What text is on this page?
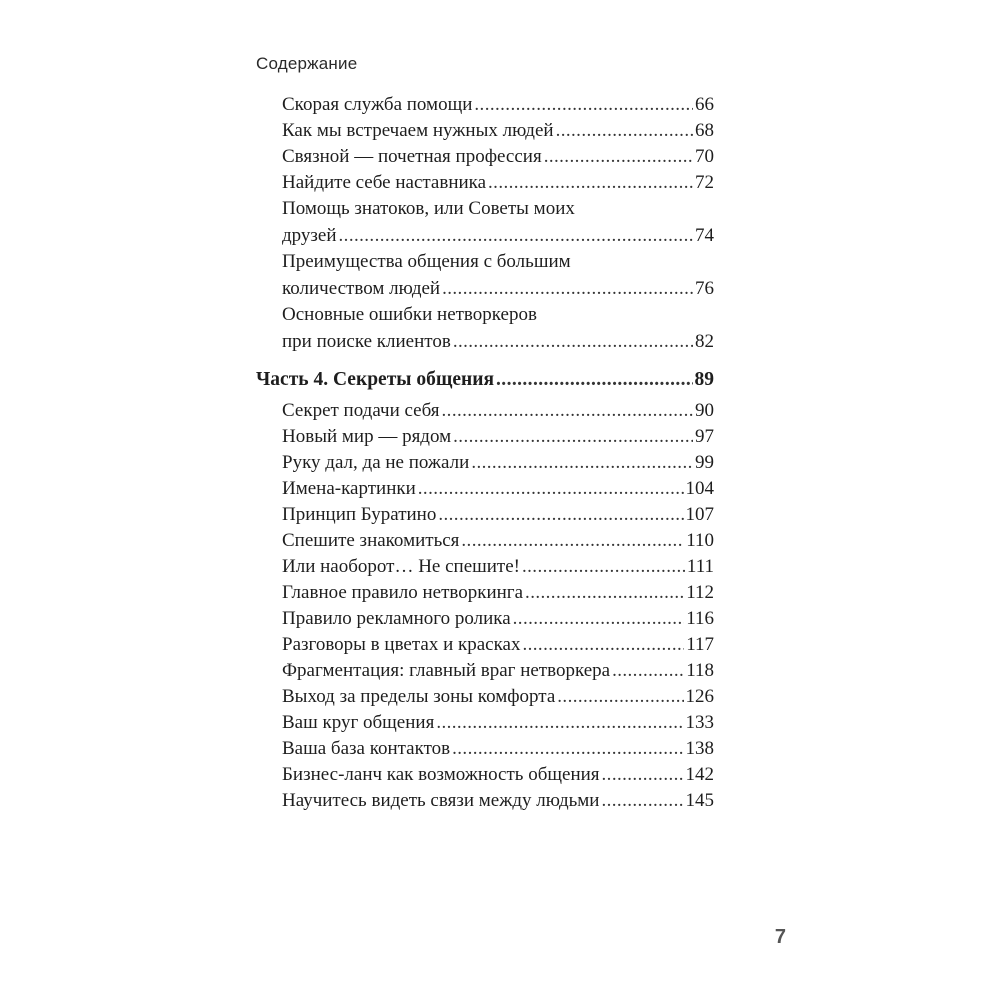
Содержание
Скорая служба помощи .....	66
Как мы встречаем нужных людей .....	68
Связной — почетная профессия .....	70
Найдите себе наставника .....	72
Помощь знатоков, или Советы моих
друзей .....	74
Преимущества общения с большим
количеством людей .....	76
Основные ошибки нетворкеров
при поиске клиентов .....	82
Часть 4. Секреты общения .....	89
Секрет подачи себя .....	90
Новый мир — рядом .....	97
Руку дал, да не пожали .....	99
Имена-картинки .....	104
Принцип Буратино .....	107
Спешите знакомиться .....	110
Или наоборот… Не спешите! .....	111
Главное правило нетворкинга .....	112
Правило рекламного ролика .....	116
Разговоры в цветах и красках .....	117
Фрагментация: главный враг нетворкера .....	118
Выход за пределы зоны комфорта .....	126
Ваш круг общения .....	133
Ваша база контактов .....	138
Бизнес-ланч как возможность общения .....	142
Научитесь видеть связи между людьми .....	145
7
